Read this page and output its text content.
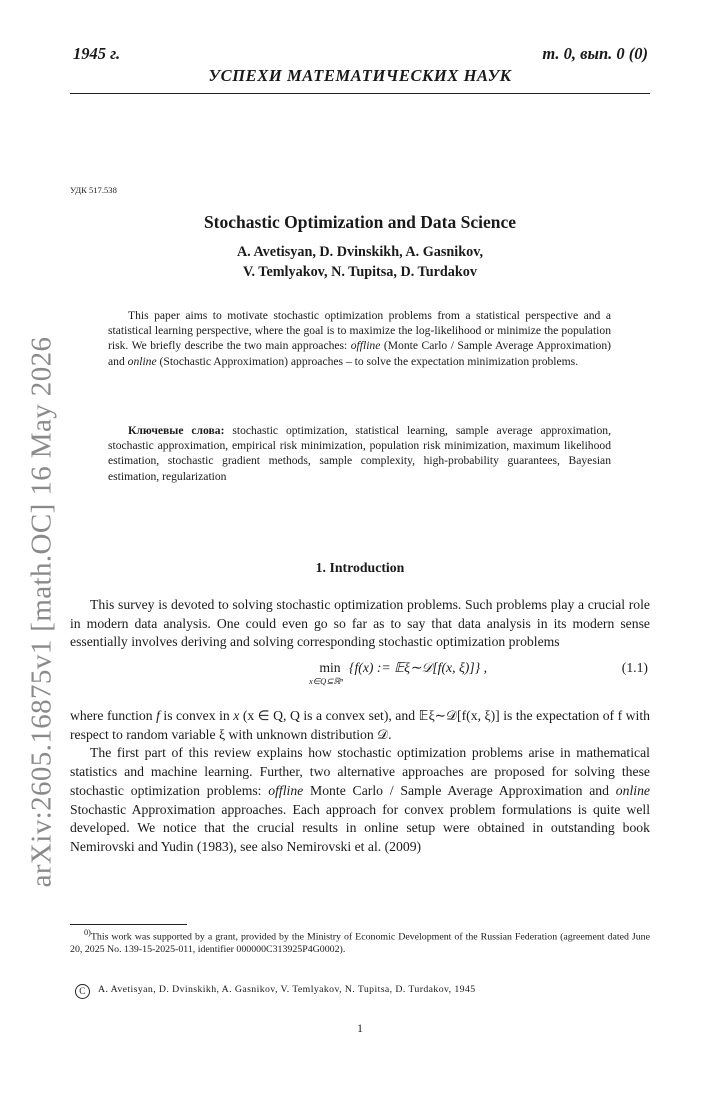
1945 г.	т. 0, вып. 0 (0)
УСПЕХИ МАТЕМАТИЧЕСКИХ НАУК
УДК 517.538
Stochastic Optimization and Data Science
A. Avetisyan, D. Dvinskikh, A. Gasnikov,
V. Temlyakov, N. Tupitsa, D. Turdakov

This paper aims to motivate stochastic optimization problems from a statistical perspective and a statistical learning perspective, where the goal is to maximize the log-likelihood or minimize the population risk. We briefly describe the two main approaches: offline (Monte Carlo / Sample Average Approximation) and online (Stochastic Approximation) approaches – to solve the expectation minimization problems.

Ключевые слова: stochastic optimization, statistical learning, sample average approximation, stochastic approximation, empirical risk minimization, population risk minimization, maximum likelihood estimation, stochastic gradient methods, sample complexity, high-probability guarantees, Bayesian estimation, regularization
1. Introduction

This survey is devoted to solving stochastic optimization problems. Such problems play a crucial role in modern data analysis. One could even go so far as to say that data analysis in its modern sense essentially involves deriving and solving corresponding stochastic optimization problems

min
x∈Q⊆ℝⁿ
{f(x) := 𝔼ξ∼𝒟[f(x, ξ)]} ,	(1.1)

where function f is convex in x (x ∈ Q, Q is a convex set), and 𝔼ξ∼𝒟[f(x, ξ)] is the expectation of f with respect to random variable ξ with unknown distribution 𝒟.

The first part of this review explains how stochastic optimization problems arise in mathematical statistics and machine learning. Further, two alternative approaches are proposed for solving these stochastic optimization problems: offline Monte Carlo / Sample Average Approximation and online Stochastic Approximation approaches. Each approach for convex problem formulations is quite well developed. We notice that the crucial results in online setup were obtained in outstanding book Nemirovski and Yudin (1983), see also Nemirovski et al. (2009)

$^{0)}$This work was supported by a grant, provided by the Ministry of Economic Development of the Russian Federation (agreement dated June 20, 2025 No. 139-15-2025-011, identifier 000000C313925P4G0002).
C A. Avetisyan, D. Dvinskikh, A. Gasnikov, V. Temlyakov, N. Tupitsa, D. Turdakov, 1945
1
arXiv:2605.16875v1 [math.OC] 16 May 2026
